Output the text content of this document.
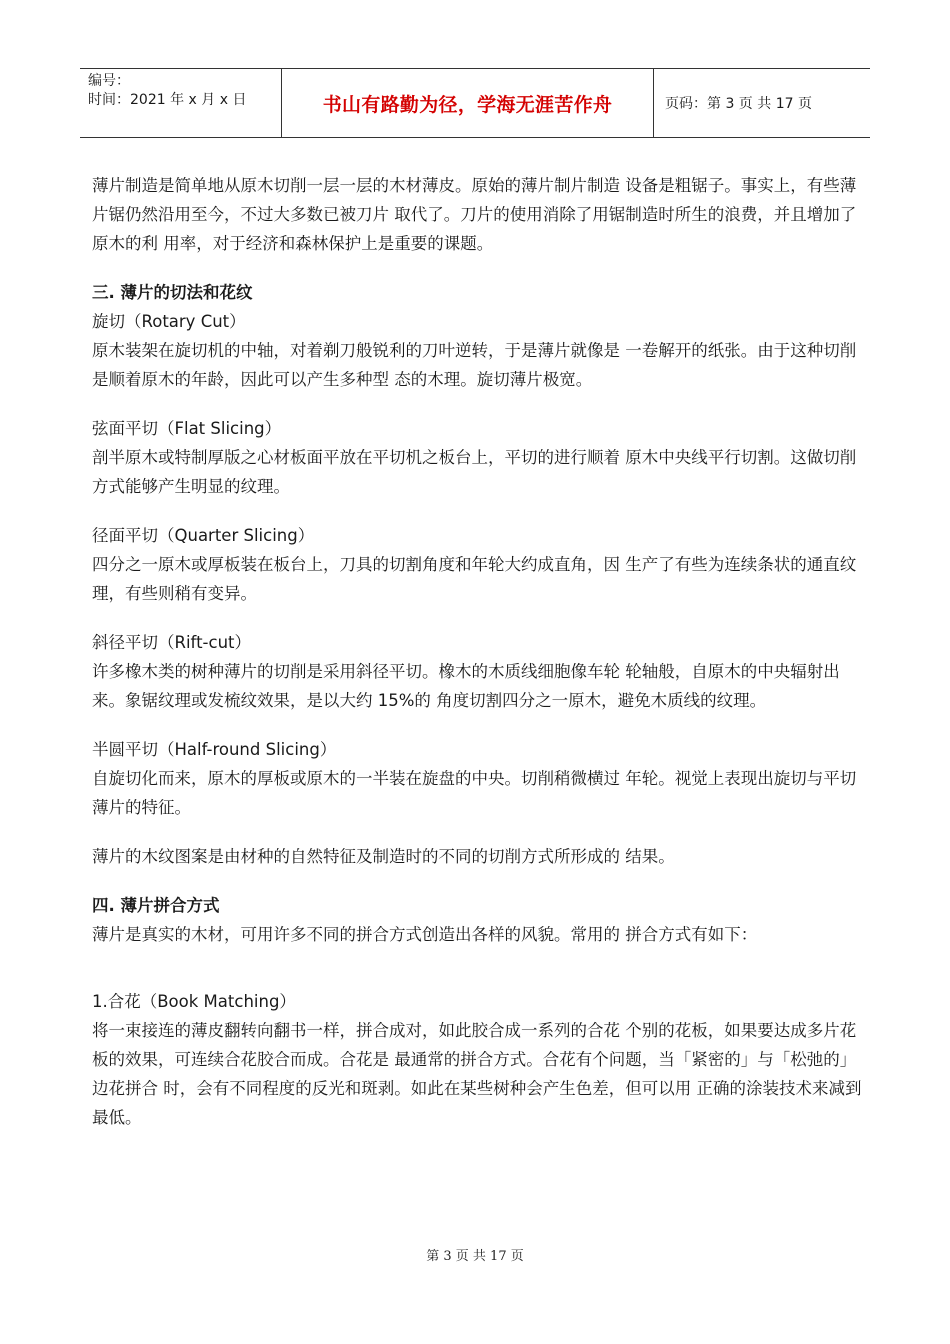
编号：
时间：2021 年 x 月 x 日	书山有路勤为径，学海无涯苦作舟	页码：第 3 页 共 17 页

薄片制造是简单地从原木切削一层一层的木材薄皮。原始的薄片制片制造 设备是粗锯子。事实上，有些薄片锯仍然沿用至今，不过大多数已被刀片 取代了。刀片的使用消除了用锯制造时所生的浪费，并且增加了原木的利 用率，对于经济和森林保护上是重要的课题。

三. 薄片的切法和花纹

旋切（Rotary Cut）

原木装架在旋切机的中轴，对着剃刀般锐利的刀叶逆转，于是薄片就像是 一卷解开的纸张。由于这种切削是顺着原木的年龄，因此可以产生多种型 态的木理。旋切薄片极宽。

弦面平切（Flat Slicing）

剖半原木或特制厚版之心材板面平放在平切机之板台上，平切的进行顺着 原木中央线平行切割。这做切削方式能够产生明显的纹理。

径面平切（Quarter Slicing）

四分之一原木或厚板装在板台上，刀具的切割角度和年轮大约成直角，因 生产了有些为连续条状的通直纹理，有些则稍有变异。

斜径平切（Rift-cut）

许多橡木类的树种薄片的切削是采用斜径平切。橡木的木质线细胞像车轮 轮轴般，自原木的中央辐射出来。象锯纹理或发梳纹效果，是以大约 15%的 角度切割四分之一原木，避免木质线的纹理。

半圆平切（Half-round Slicing）

自旋切化而来，原木的厚板或原木的一半装在旋盘的中央。切削稍微横过 年轮。视觉上表现出旋切与平切薄片的特征。

薄片的木纹图案是由材种的自然特征及制造时的不同的切削方式所形成的 结果。

四. 薄片拼合方式

薄片是真实的木材，可用许多不同的拼合方式创造出各样的风貌。常用的 拼合方式有如下：

1.合花（Book Matching）

将一束接连的薄皮翻转向翻书一样，拼合成对，如此胶合成一系列的合花 个别的花板，如果要达成多片花板的效果，可连续合花胶合而成。合花是 最通常的拼合方式。合花有个问题，当「紧密的」与「松弛的」边花拼合 时，会有不同程度的反光和斑剥。如此在某些树种会产生色差，但可以用 正确的涂装技术来减到最低。

第 3 页 共 17 页
